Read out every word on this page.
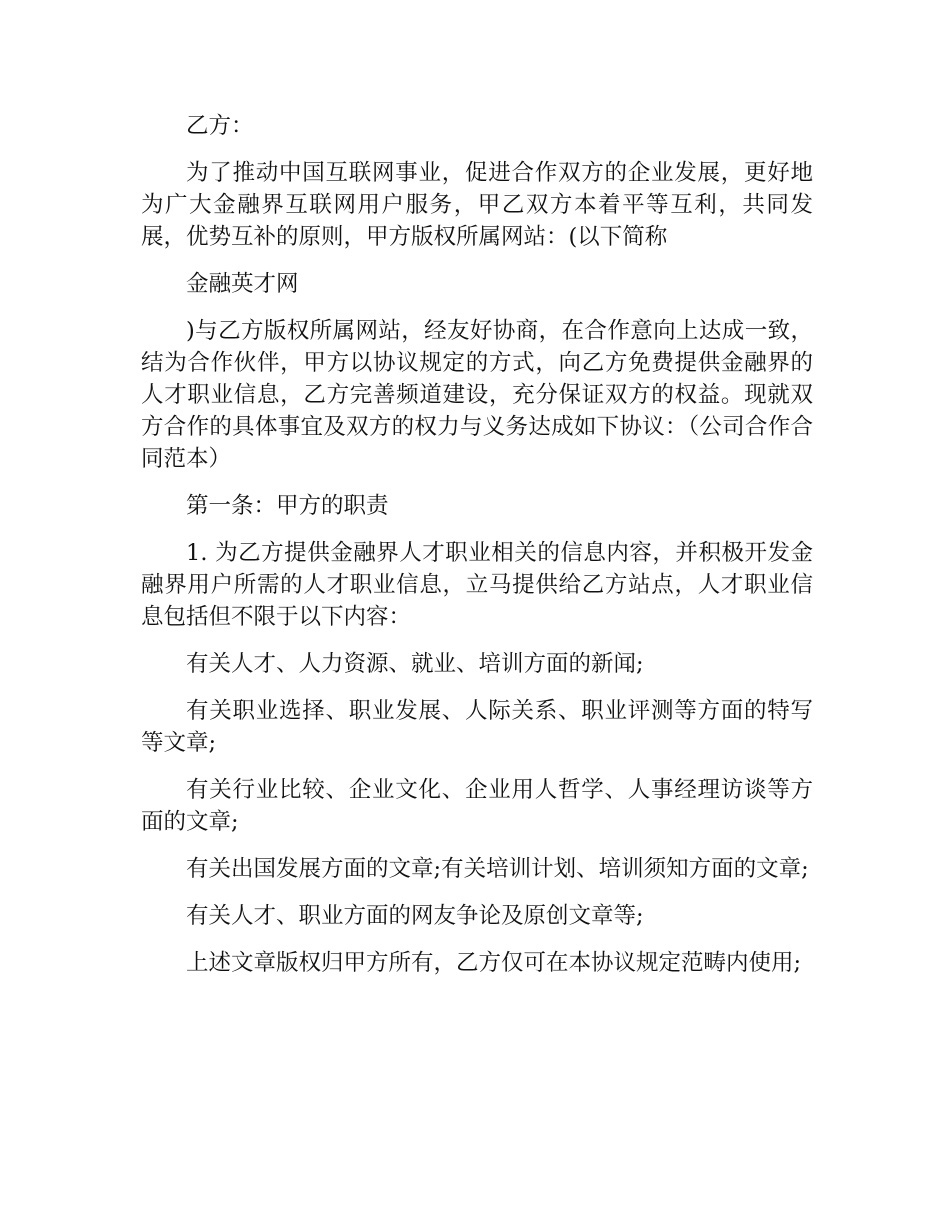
乙方：

为了推动中国互联网事业，促进合作双方的企业发展，更好地为广大金融界互联网用户服务，甲乙双方本着平等互利，共同发展，优势互补的原则，甲方版权所属网站：(以下简称

金融英才网

)与乙方版权所属网站，经友好协商，在合作意向上达成一致，结为合作伙伴，甲方以协议规定的方式，向乙方免费提供金融界的人才职业信息，乙方完善频道建设，充分保证双方的权益。现就双方合作的具体事宜及双方的权力与义务达成如下协议：（公司合作合同范本）

第一条：甲方的职责

1. 为乙方提供金融界人才职业相关的信息内容，并积极开发金融界用户所需的人才职业信息，立马提供给乙方站点，人才职业信息包括但不限于以下内容：

有关人才、人力资源、就业、培训方面的新闻;

有关职业选择、职业发展、人际关系、职业评测等方面的特写等文章;

有关行业比较、企业文化、企业用人哲学、人事经理访谈等方面的文章;

有关出国发展方面的文章;有关培训计划、培训须知方面的文章;

有关人才、职业方面的网友争论及原创文章等;

上述文章版权归甲方所有，乙方仅可在本协议规定范畴内使用;
